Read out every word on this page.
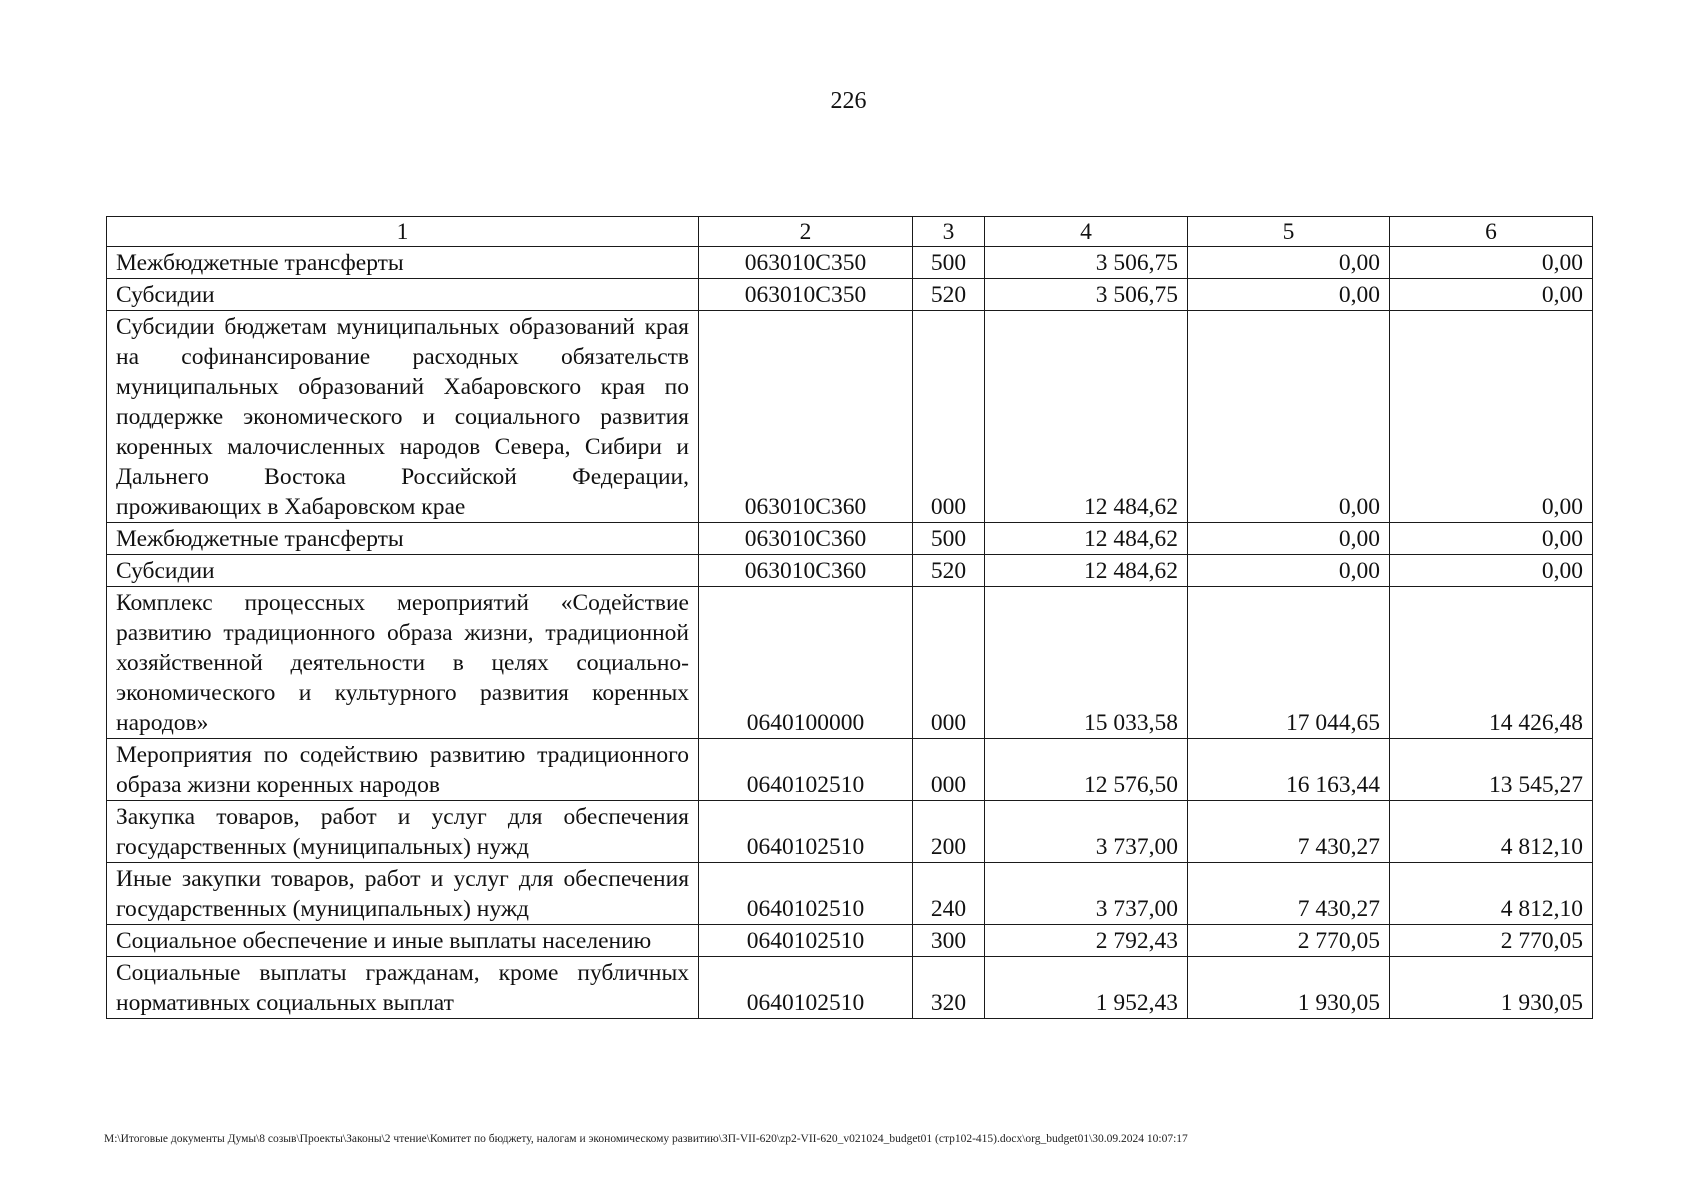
226
1	2	3	4	5	6
Межбюджетные трансферты	063010С350	500	3 506,75	0,00	0,00
Субсидии	063010С350	520	3 506,75	0,00	0,00
Субсидии бюджетам муниципальных образований края на софинансирование расходных обязательств муниципальных образований Хабаровского края по поддержке экономического и социального развития коренных малочисленных народов Севера, Сибири и Дальнего Востока Российской Федерации, проживающих в Хабаровском крае	063010С360	000	12 484,62	0,00	0,00
Межбюджетные трансферты	063010С360	500	12 484,62	0,00	0,00
Субсидии	063010С360	520	12 484,62	0,00	0,00
Комплекс процессных мероприятий «Содействие развитию традиционного образа жизни, традиционной хозяйственной деятельности в целях социально-экономического и культурного развития коренных народов»	0640100000	000	15 033,58	17 044,65	14 426,48
Мероприятия по содействию развитию традиционного образа жизни коренных народов	0640102510	000	12 576,50	16 163,44	13 545,27
Закупка товаров, работ и услуг для обеспечения государственных (муниципальных) нужд	0640102510	200	3 737,00	7 430,27	4 812,10
Иные закупки товаров, работ и услуг для обеспечения государственных (муниципальных) нужд	0640102510	240	3 737,00	7 430,27	4 812,10
Социальное обеспечение и иные выплаты населению	0640102510	300	2 792,43	2 770,05	2 770,05
Социальные выплаты гражданам, кроме публичных нормативных социальных выплат	0640102510	320	1 952,43	1 930,05	1 930,05
M:\Итоговые документы Думы\8 созыв\Проекты\Законы\2 чтение\Комитет по бюджету, налогам и экономическому развитию\ЗП-VII-620\zp2-VII-620_v021024_budget01 (стр102-415).docx\org_budget01\30.09.2024 10:07:17
